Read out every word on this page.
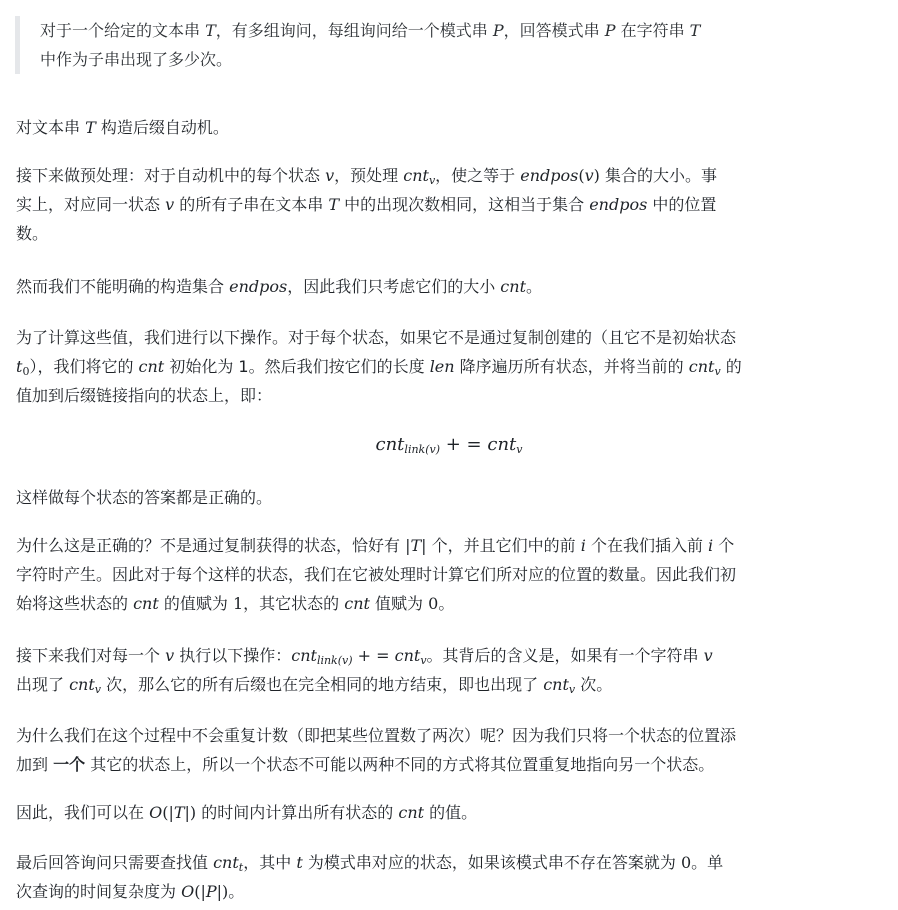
对于一个给定的文本串 T，有多组询问，每组询问给一个模式串 P，回答模式串 P 在字符串 T
中作为子串出现了多少次。
对文本串 T 构造后缀自动机。
接下来做预处理：对于自动机中的每个状态 v，预处理 cnt$_v$，使之等于 endpos(v) 集合的大小。事
实上，对应同一状态 v 的所有子串在文本串 T 中的出现次数相同，这相当于集合 endpos 中的位置
数。
然而我们不能明确的构造集合 endpos，因此我们只考虑它们的大小 cnt。
为了计算这些值，我们进行以下操作。对于每个状态，如果它不是通过复制创建的（且它不是初始状态
$t_0$），我们将它的 cnt 初始化为 1。然后我们按它们的长度 len 降序遍历所有状态，并将当前的 cnt$_v$ 的
值加到后缀链接指向的状态上，即：
cnt$_{link(v)}$ + = cnt$_v$
这样做每个状态的答案都是正确的。
为什么这是正确的？不是通过复制获得的状态，恰好有 |T| 个，并且它们中的前 i 个在我们插入前 i 个
字符时产生。因此对于每个这样的状态，我们在它被处理时计算它们所对应的位置的数量。因此我们初
始将这些状态的 cnt 的值赋为 1，其它状态的 cnt 值赋为 0。
接下来我们对每一个 v 执行以下操作：cnt$_{link(v)}$ + = cnt$_v$。其背后的含义是，如果有一个字符串 v
出现了 cnt$_v$ 次，那么它的所有后缀也在完全相同的地方结束，即也出现了 cnt$_v$ 次。
为什么我们在这个过程中不会重复计数（即把某些位置数了两次）呢？因为我们只将一个状态的位置添
加到 一个 其它的状态上，所以一个状态不可能以两种不同的方式将其位置重复地指向另一个状态。
因此，我们可以在 O(|T|) 的时间内计算出所有状态的 cnt 的值。
最后回答询问只需要查找值 cnt$_t$，其中 t 为模式串对应的状态，如果该模式串不存在答案就为 0。单
次查询的时间复杂度为 O(|P|)。
